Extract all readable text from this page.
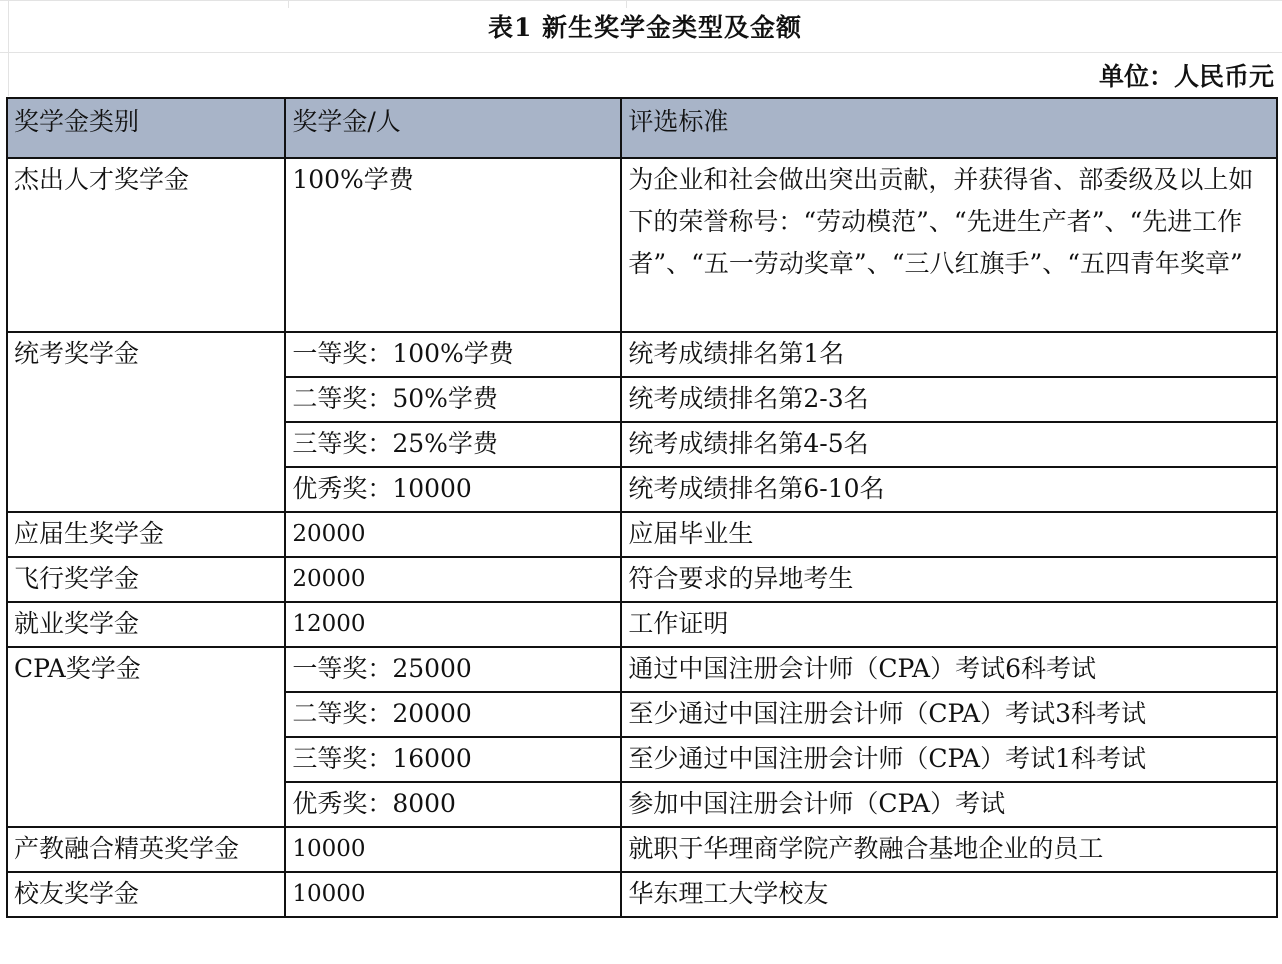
表1 新生奖学金类型及金额
单位：人民币元
奖学金类别	奖学金/人	评选标准
杰出人才奖学金	100%学费	为企业和社会做出突出贡献，并获得省、部委级及以上如下的荣誉称号：“劳动模范”、“先进生产者”、“先进工作者”、“五一劳动奖章”、“三八红旗手”、“五四青年奖章”
统考奖学金	一等奖：100%学费	统考成绩排名第1名
	二等奖：50%学费	统考成绩排名第2-3名
	三等奖：25%学费	统考成绩排名第4-5名
	优秀奖：10000	统考成绩排名第6-10名
应届生奖学金	20000	应届毕业生
飞行奖学金	20000	符合要求的异地考生
就业奖学金	12000	工作证明
CPA奖学金	一等奖：25000	通过中国注册会计师（CPA）考试6科考试
	二等奖：20000	至少通过中国注册会计师（CPA）考试3科考试
	三等奖：16000	至少通过中国注册会计师（CPA）考试1科考试
	优秀奖：8000	参加中国注册会计师（CPA）考试
产教融合精英奖学金	10000	就职于华理商学院产教融合基地企业的员工
校友奖学金	10000	华东理工大学校友
